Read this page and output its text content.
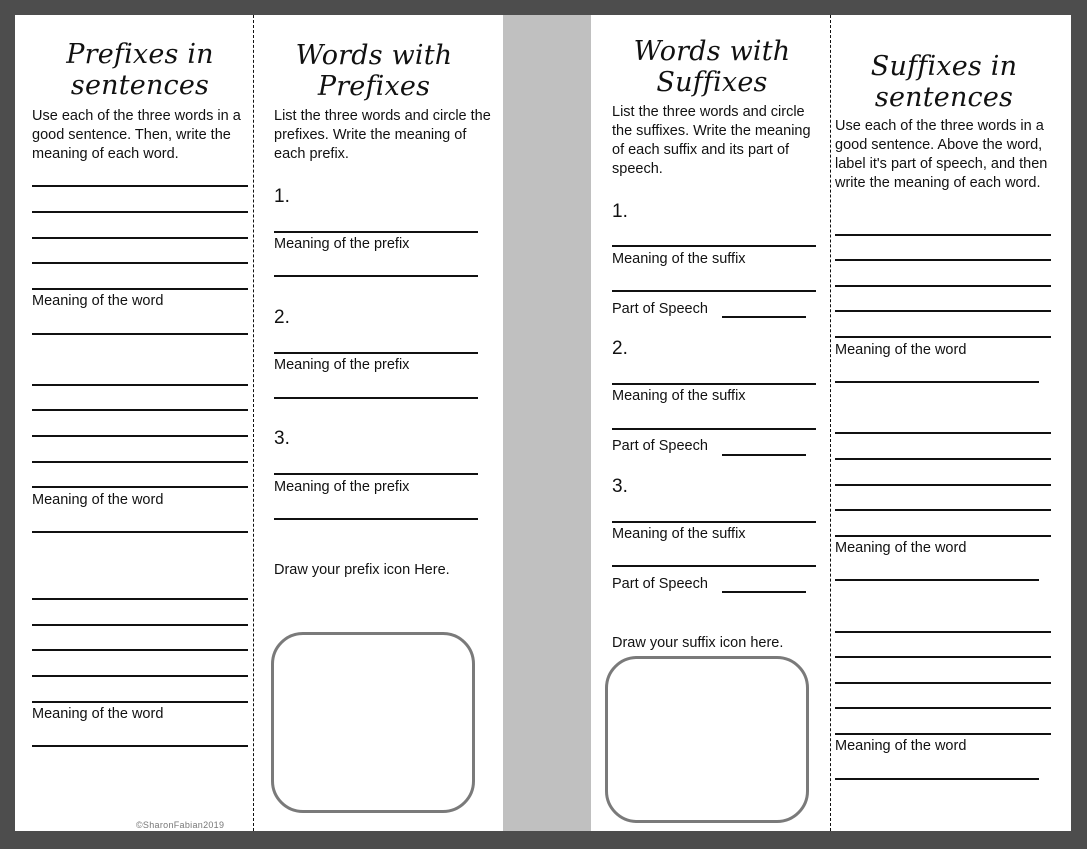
Prefixes in
sentences
Use each of the three words in a good sentence. Then, write the meaning of each word.
Meaning of the word
Meaning of the word
Meaning of the word
©SharonFabian2019
Words with
Prefixes
List the three words and circle the prefixes. Write the meaning of each prefix.
1.
Meaning of the prefix
2.
Meaning of the prefix
3.
Meaning of the prefix
Draw your prefix icon Here.
Words with
Suffixes
List the three words and circle the suffixes. Write the meaning of each suffix and its part of speech.
1.
Meaning of the suffix
Part of Speech
2.
Meaning of the suffix
Part of Speech
3.
Meaning of the suffix
Part of Speech
Draw your suffix icon here.
Suffixes in
sentences
Use each of the three words in a good sentence. Above the word, label it's part of speech, and then write the meaning of each word.
Meaning of the word
Meaning of the word
Meaning of the word
